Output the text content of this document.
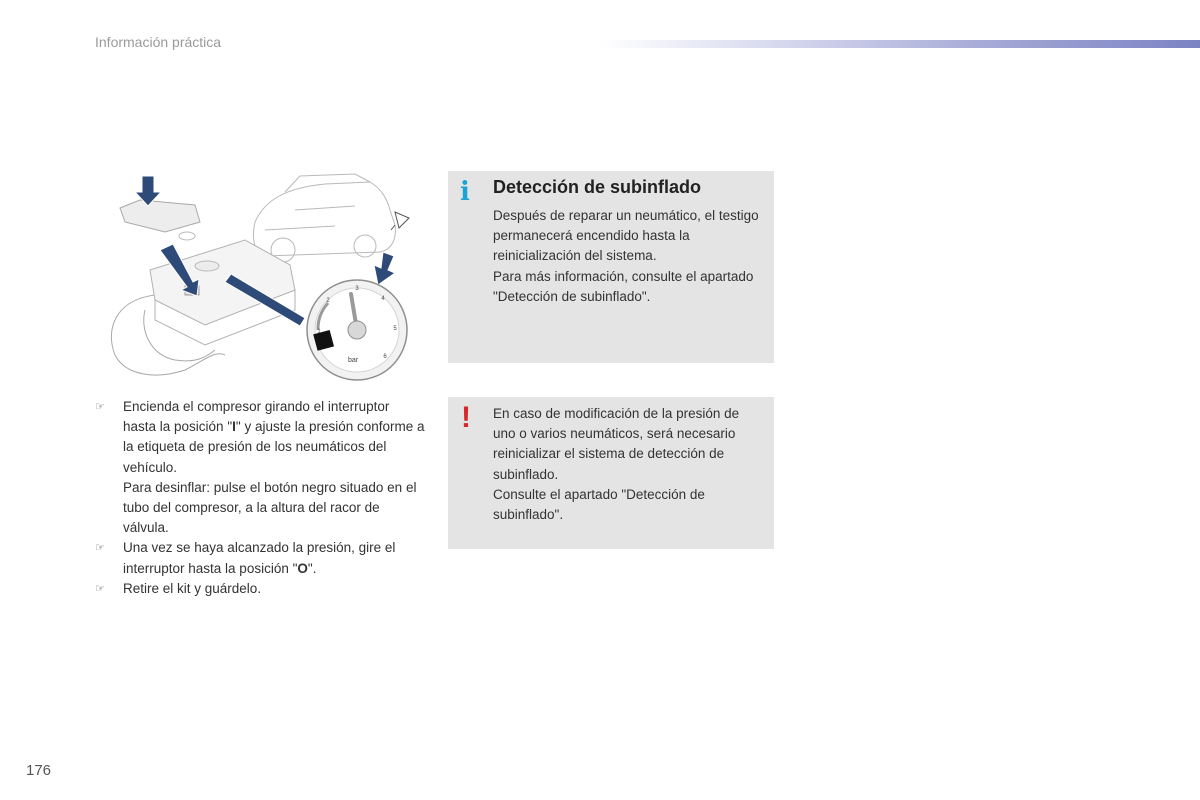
Información práctica
1
2
3
4
5
6
bar
☞	Encienda el compresor girando el interruptor hasta la posición "I" y ajuste la presión conforme a la etiqueta de presión de los neumáticos del vehículo.

Para desinflar: pulse el botón negro situado en el tubo del compresor, a la altura del racor de válvula.

☞	Una vez se haya alcanzado la presión, gire el interruptor hasta la posición "O".

☞	Retire el kit y guárdelo.

i Detección de subinflado

Después de reparar un neumático, el testigo permanecerá encendido hasta la reinicialización del sistema.

Para más información, consulte el apartado "Detección de subinflado".

! En caso de modificación de la presión de uno o varios neumáticos, será necesario reinicializar el sistema de detección de subinflado.

Consulte el apartado "Detección de subinflado".

176
